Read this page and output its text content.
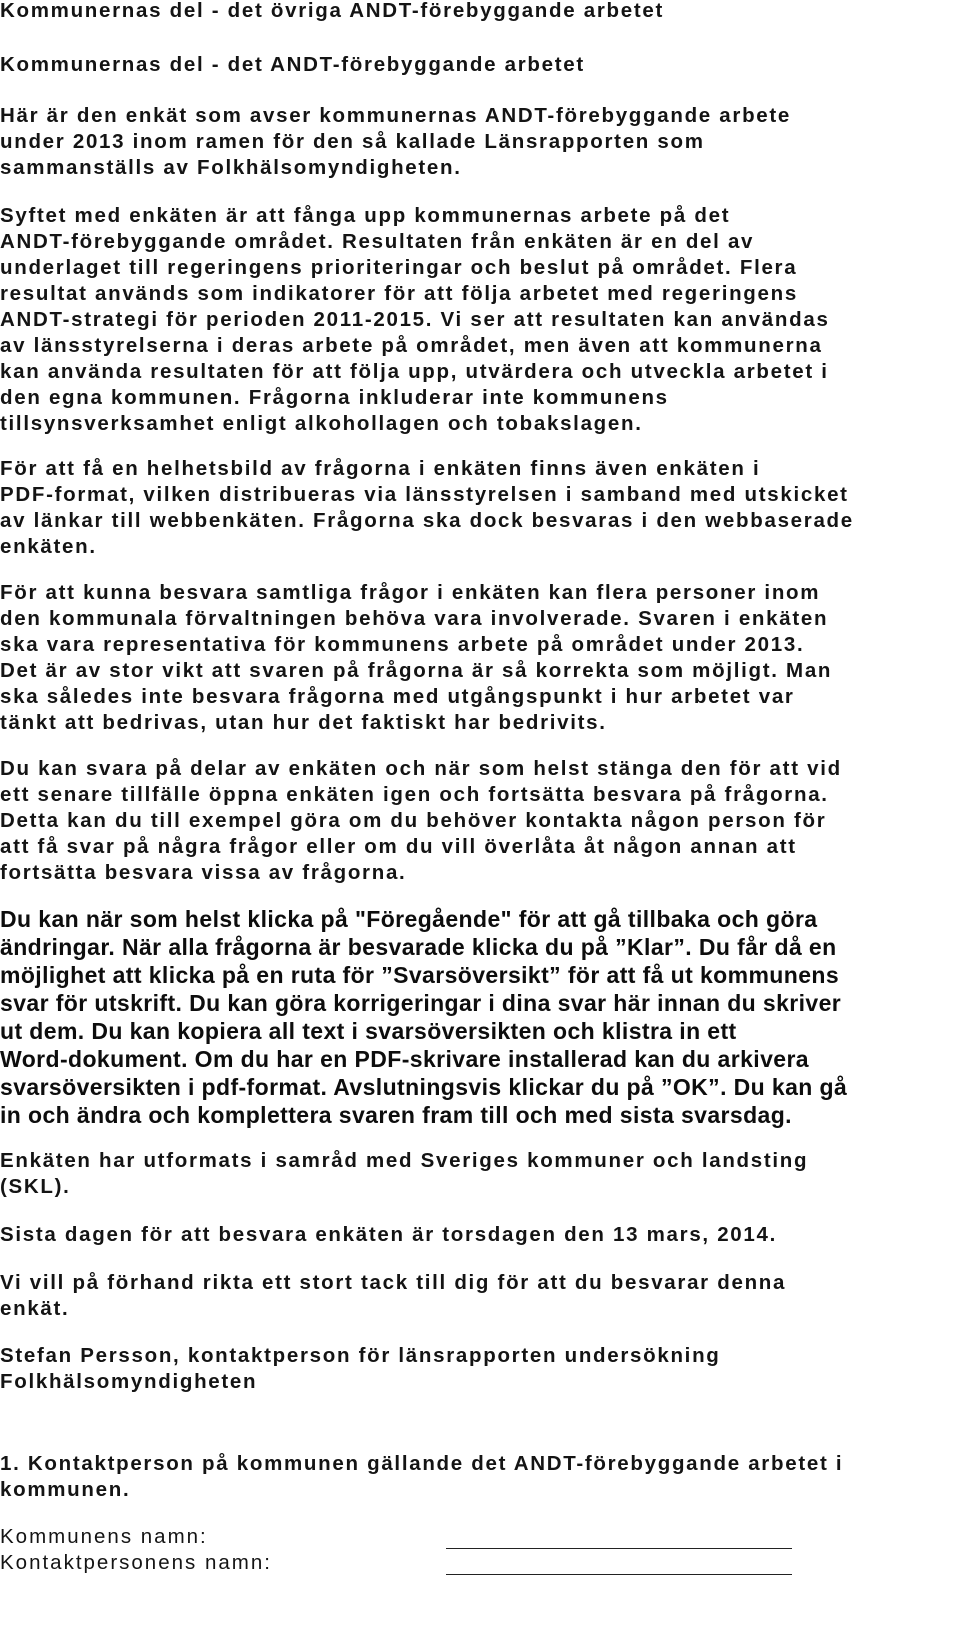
Kommunernas del - det övriga ANDT-förebyggande arbetet
Kommunernas del - det ANDT-förebyggande arbetet
Här är den enkät som avser kommunernas ANDT-förebyggande arbete
under 2013 inom ramen för den så kallade Länsrapporten som
sammanställs av Folkhälsomyndigheten.
Syftet med enkäten är att fånga upp kommunernas arbete på det
ANDT-förebyggande området. Resultaten från enkäten är en del av
underlaget till regeringens prioriteringar och beslut på området. Flera
resultat används som indikatorer för att följa arbetet med regeringens
ANDT-strategi för perioden 2011-2015. Vi ser att resultaten kan användas
av länsstyrelserna i deras arbete på området, men även att kommunerna
kan använda resultaten för att följa upp, utvärdera och utveckla arbetet i
den egna kommunen. Frågorna inkluderar inte kommunens
tillsynsverksamhet enligt alkohollagen och tobakslagen.
För att få en helhetsbild av frågorna i enkäten finns även enkäten i
PDF-format, vilken distribueras via länsstyrelsen i samband med utskicket
av länkar till webbenkäten. Frågorna ska dock besvaras i den webbaserade
enkäten.
För att kunna besvara samtliga frågor i enkäten kan flera personer inom
den kommunala förvaltningen behöva vara involverade. Svaren i enkäten
ska vara representativa för kommunens arbete på området under 2013.
Det är av stor vikt att svaren på frågorna är så korrekta som möjligt. Man
ska således inte besvara frågorna med utgångspunkt i hur arbetet var
tänkt att bedrivas, utan hur det faktiskt har bedrivits.
Du kan svara på delar av enkäten och när som helst stänga den för att vid
ett senare tillfälle öppna enkäten igen och fortsätta besvara på frågorna.
Detta kan du till exempel göra om du behöver kontakta någon person för
att få svar på några frågor eller om du vill överlåta åt någon annan att
fortsätta besvara vissa av frågorna.
Du kan när som helst klicka på "Föregående" för att gå tillbaka och göra
ändringar. När alla frågorna är besvarade klicka du på ”Klar”. Du får då en
möjlighet att klicka på en ruta för ”Svarsöversikt” för att få ut kommunens
svar för utskrift. Du kan göra korrigeringar i dina svar här innan du skriver
ut dem. Du kan kopiera all text i svarsöversikten och klistra in ett
Word-dokument. Om du har en PDF-skrivare installerad kan du arkivera
svarsöversikten i pdf-format. Avslutningsvis klickar du på ”OK”. Du kan gå
in och ändra och komplettera svaren fram till och med sista svarsdag.
Enkäten har utformats i samråd med Sveriges kommuner och landsting
(SKL).
Sista dagen för att besvara enkäten är torsdagen den 13 mars, 2014.
Vi vill på förhand rikta ett stort tack till dig för att du besvarar denna
enkät.
Stefan Persson, kontaktperson för länsrapporten undersökning
Folkhälsomyndigheten
1. Kontaktperson på kommunen gällande det ANDT-förebyggande arbetet i
kommunen.
Kommunens namn:
Kontaktpersonens namn:
